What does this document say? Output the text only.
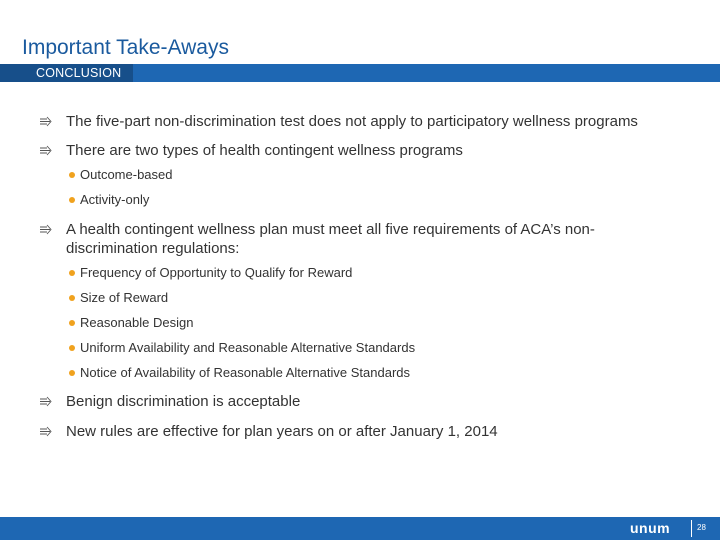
Important Take-Aways
CONCLUSION
The five-part non-discrimination test does not apply to participatory wellness programs
There are two types of health contingent wellness programs
Outcome-based
Activity-only
A health contingent wellness plan must meet all five requirements of ACA’s non-
discrimination regulations:
Frequency of Opportunity to Qualify for Reward
Size of Reward
Reasonable Design
Uniform Availability and Reasonable Alternative Standards
Notice of Availability of Reasonable Alternative Standards
Benign discrimination is acceptable
New rules are effective for plan years on or after January 1, 2014
unum	28
